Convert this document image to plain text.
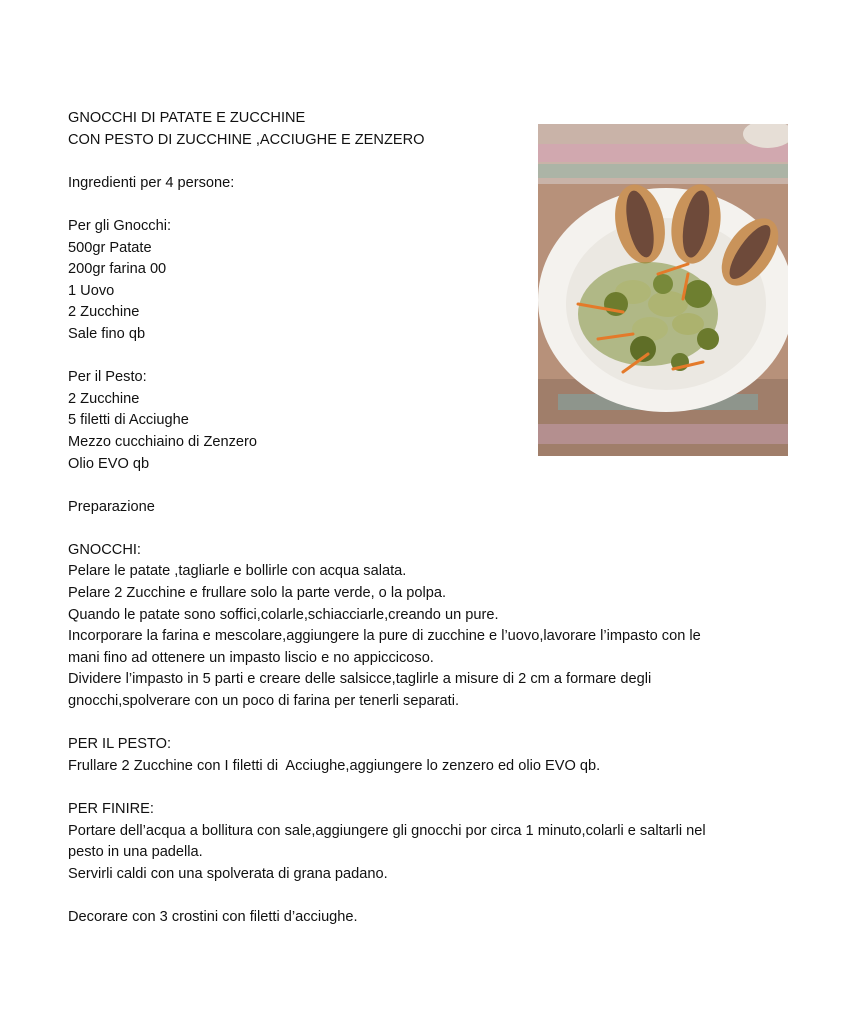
GNOCCHI DI PATATE E ZUCCHINE
CON PESTO DI ZUCCHINE ,ACCIUGHE E ZENZERO
Ingredienti per 4 persone:
Per gli Gnocchi:
500gr Patate
200gr farina 00
1 Uovo
2 Zucchine
Sale fino qb
Per il Pesto:
2 Zucchine
5 filetti di Acciughe
Mezzo cucchiaino di Zenzero
Olio EVO qb
Preparazione
GNOCCHI:
Pelare le patate ,tagliarle e bollirle con acqua salata.
Pelare 2 Zucchine e frullare solo la parte verde, o la polpa.
Quando le patate sono soffici,colarle,schiacciarle,creando un pure.
Incorporare la farina e mescolare,aggiungere la pure di zucchine e l’uovo,lavorare l’impasto con le
mani fino ad ottenere un impasto liscio e no appiccicoso.
Dividere l’impasto in 5 parti e creare delle salsicce,taglirle a misure di 2 cm a formare degli
gnocchi,spolverare con un poco di farina per tenerli separati.
PER IL PESTO:
Frullare 2 Zucchine con I filetti di  Acciughe,aggiungere lo zenzero ed olio EVO qb.
PER FINIRE:
Portare dell’acqua a bollitura con sale,aggiungere gli gnocchi por circa 1 minuto,colarli e saltarli nel
pesto in una padella.
Servirli caldi con una spolverata di grana padano.
Decorare con 3 crostini con filetti d’acciughe.
